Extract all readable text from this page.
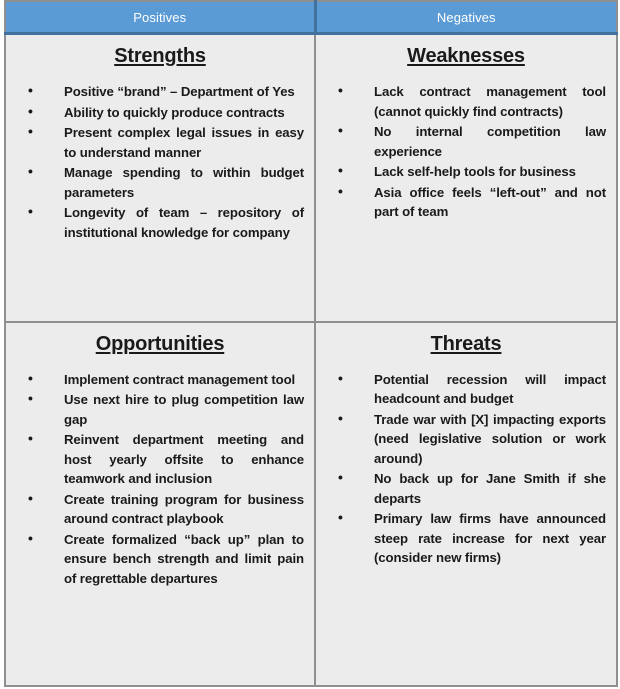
Positives	Negatives

Strengths
• Positive “brand” – Department of Yes
• Ability to quickly produce contracts
• Present complex legal issues in easy to understand manner
• Manage spending to within budget parameters
• Longevity of team – repository of institutional knowledge for company

Weaknesses
• Lack contract management tool (cannot quickly find contracts)
• No internal competition law experience
• Lack self-help tools for business
• Asia office feels “left-out” and not part of team

Opportunities
• Implement contract management tool
• Use next hire to plug competition law gap
• Reinvent department meeting and host yearly offsite to enhance teamwork and inclusion
• Create training program for business around contract playbook
• Create formalized “back up” plan to ensure bench strength and limit pain of regrettable departures

Threats
• Potential recession will impact headcount and budget
• Trade war with [X] impacting exports (need legislative solution or work around)
• No back up for Jane Smith if she departs
• Primary law firms have announced steep rate increase for next year (consider new firms)
